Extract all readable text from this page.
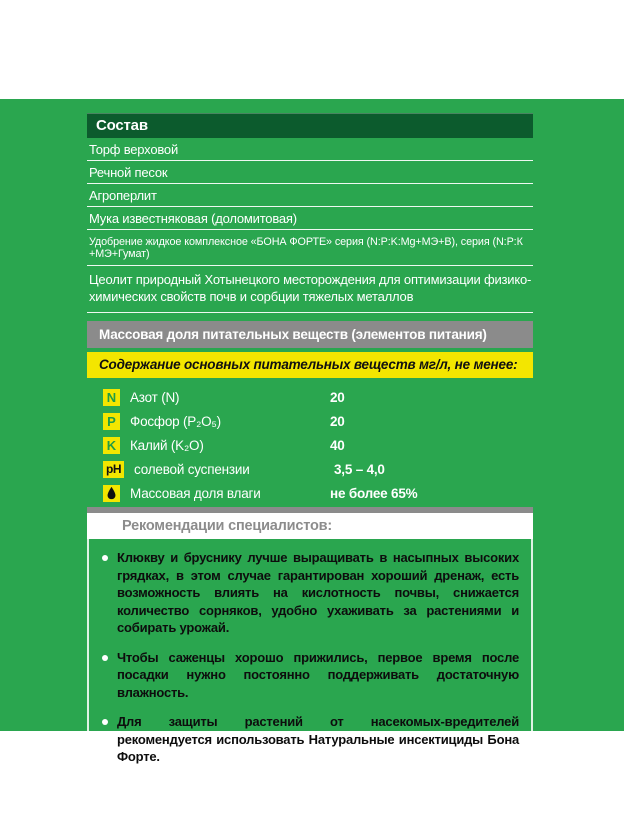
Состав
Торф верховой
Речной песок
Агроперлит
Мука известняковая (доломитовая)
Удобрение жидкое комплексное «БОНА ФОРТЕ» серия (N:P:K:Mg+МЭ+В), серия (N:P:К +МЭ+Гумат)
Цеолит природный Хотынецкого месторождения для оптимизации физико-химических свойств почв и сорбции тяжелых металлов
Массовая доля питательных веществ (элементов питания)
Содержание основных питательных веществ мг/л, не менее:
N Азот (N)	20
P	Фосфор (P₂O₅)	20
K Калий (K₂O)	40
pH солевой суспензии	3,5 – 4,0
Массовая доля влаги	не более 65%
Рекомендации специалистов:

Клюкву и бруснику лучше выращивать в насыпных высоких грядках, в этом случае гарантирован хороший дренаж, есть возможность влиять на кислотность почвы, снижается количество сорняков, удобно ухаживать за растениями и собирать урожай.

Чтобы саженцы хорошо прижились, первое время после посадки нужно постоянно поддерживать достаточную влажность.

Для защиты растений от насекомых-вредителей рекомендуется использовать Натуральные инсектициды Бона Форте.
